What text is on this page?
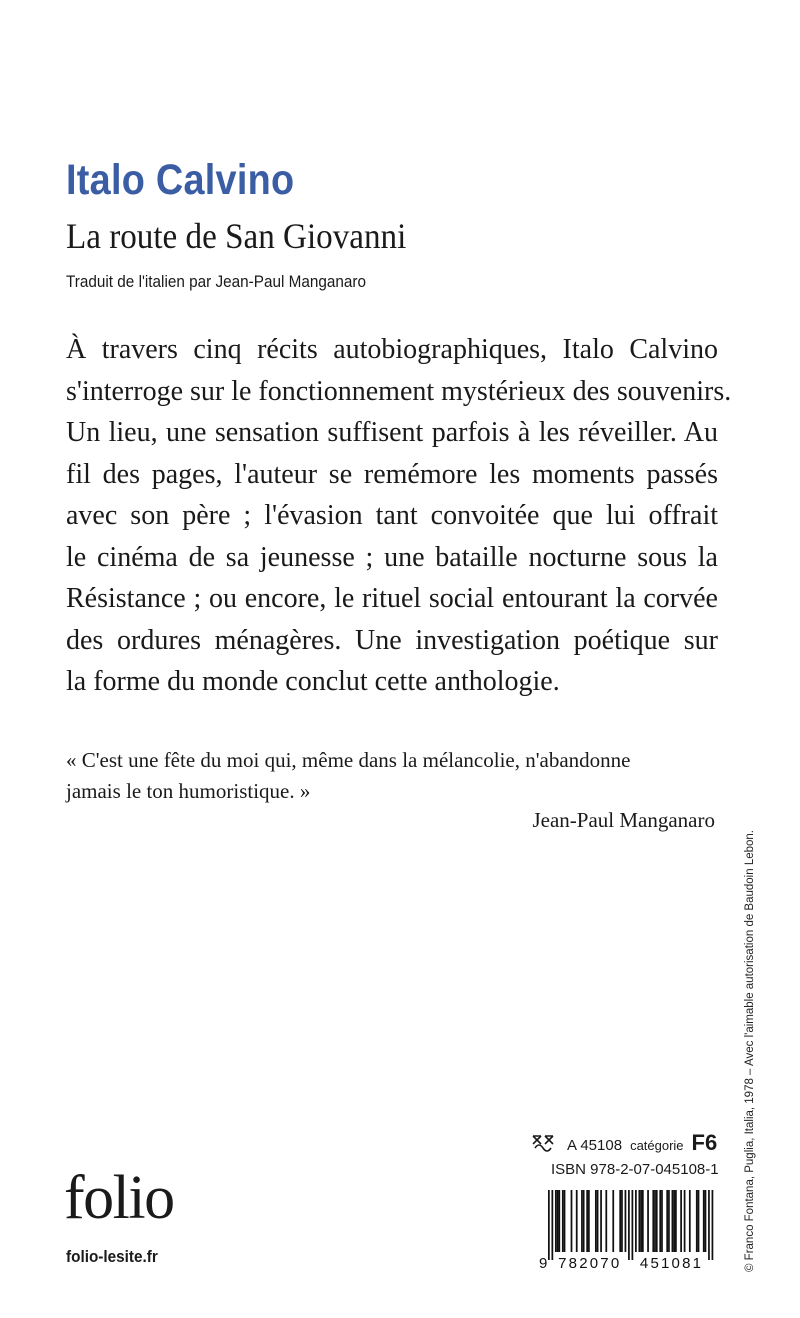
Italo Calvino
La route de San Giovanni
Traduit de l'italien par Jean-Paul Manganaro
À travers cinq récits autobiographiques, Italo Calvino
s'interroge sur le fonctionnement mystérieux des souvenirs.
Un lieu, une sensation suffisent parfois à les réveiller. Au
fil des pages, l'auteur se remémore les moments passés
avec son père ; l'évasion tant convoitée que lui offrait
le cinéma de sa jeunesse ; une bataille nocturne sous la
Résistance ; ou encore, le rituel social entourant la corvée
des ordures ménagères. Une investigation poétique sur
la forme du monde conclut cette anthologie.
« C'est une fête du moi qui, même dans la mélancolie, n'abandonne
jamais le ton humoristique. »
Jean-Paul Manganaro
© Franco Fontana, Puglia, Italia, 1978 – Avec l'aimable autorisation de Baudoin Lebon.
folio
folio-lesite.fr
A 45108 catégorie F6
ISBN 978-2-07-045108-1
9 782070 451081
